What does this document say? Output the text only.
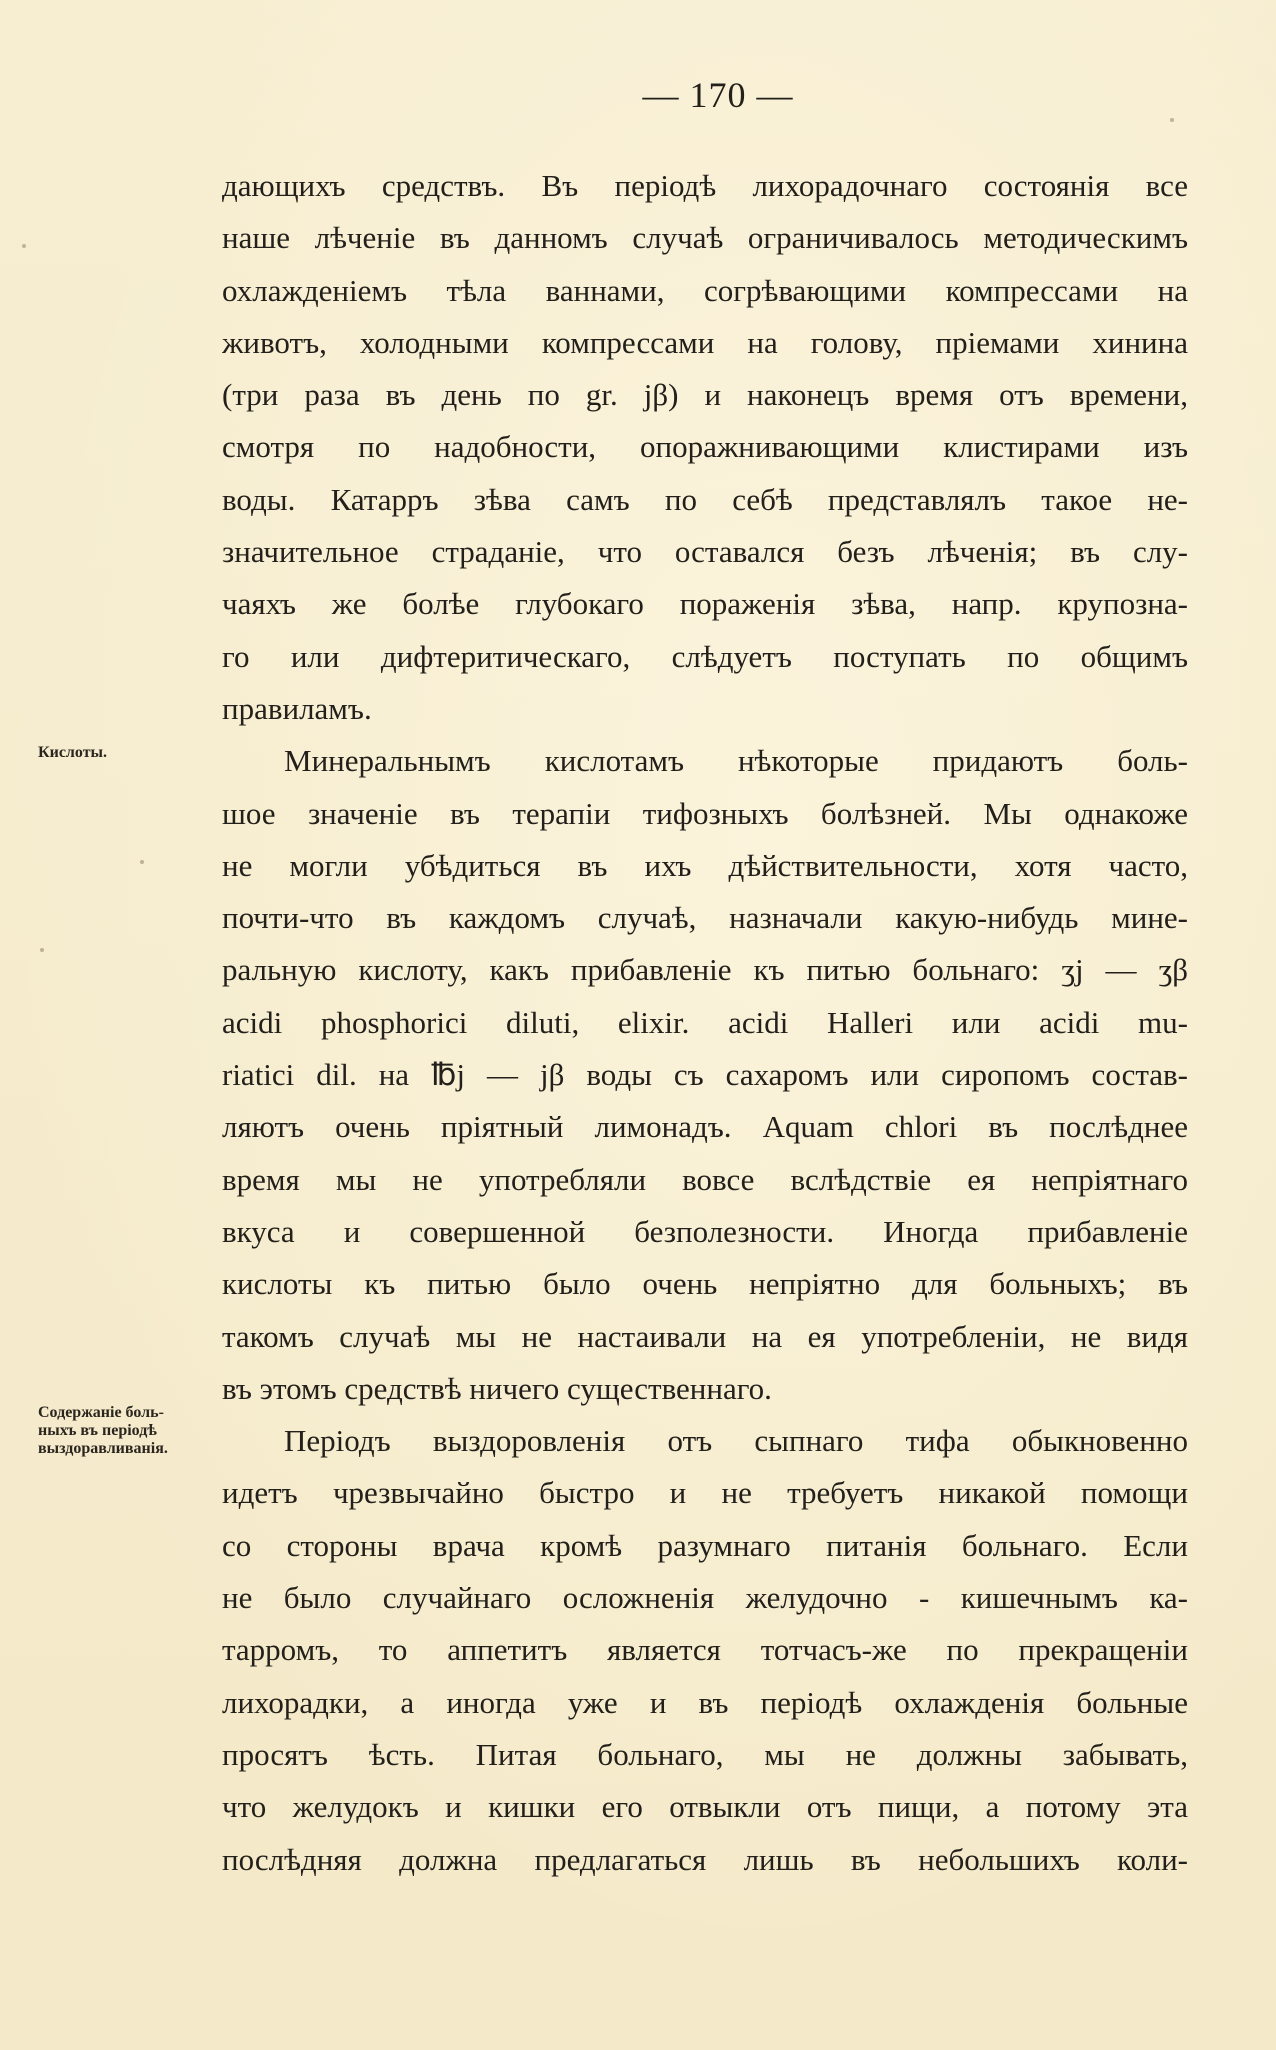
— 170 —
Кислоты.
Содержаніе боль-
ныхъ въ періодѣ
выздоравливанія.
дающихъ средствъ. Въ періодѣ лихорадочнаго состоянія все
наше лѣченіе въ данномъ случаѣ ограничивалось методическимъ
охлажденіемъ тѣла ваннами, согрѣвающими компрессами на
животъ, холодными компрессами на голову, пріемами хинина
(три раза въ день по gr. jβ) и наконецъ время отъ времени,
смотря по надобности, опоражнивающими клистирами изъ
воды. Катарръ зѣва самъ по себѣ представлялъ такое не-
значительное страданіе, что оставался безъ лѣченія; въ слу-
чаяхъ же болѣе глубокаго пораженія зѣва, напр. крупозна-
го или дифтеритическаго, слѣдуетъ поступать по общимъ
правиламъ.
Минеральнымъ кислотамъ нѣкоторые придаютъ боль-
шое значеніе въ терапіи тифозныхъ болѣзней. Мы однакоже
не могли убѣдиться въ ихъ дѣйствительности, хотя часто,
почти-что въ каждомъ случаѣ, назначали какую-нибудь мине-
ральную кислоту, какъ прибавленіе къ питью больнаго: ʒj — ʒβ
acidi phosphorici diluti, elixir. acidi Halleri или acidi mu-
riatici dil. на ℔j — jβ воды съ сахаромъ или сиропомъ состав-
ляютъ очень пріятный лимонадъ. Aquam chlori въ послѣднее
время мы не употребляли вовсе вслѣдствіе ея непріятнаго
вкуса и совершенной безполезности. Иногда прибавленіе
кислоты къ питью было очень непріятно для больныхъ; въ
такомъ случаѣ мы не настаивали на ея употребленіи, не видя
въ этомъ средствѣ ничего существеннаго.
Періодъ выздоровленія отъ сыпнаго тифа обыкновенно
идетъ чрезвычайно быстро и не требуетъ никакой помощи
со стороны врача кромѣ разумнаго питанія больнаго. Если
не было случайнаго осложненія желудочно - кишечнымъ ка-
тарромъ, то аппетитъ является тотчасъ-же по прекращеніи
лихорадки, а иногда уже и въ періодѣ охлажденія больные
просятъ ѣсть. Питая больнаго, мы не должны забывать,
что желудокъ и кишки его отвыкли отъ пищи, а потому эта
послѣдняя должна предлагаться лишь въ небольшихъ коли-
